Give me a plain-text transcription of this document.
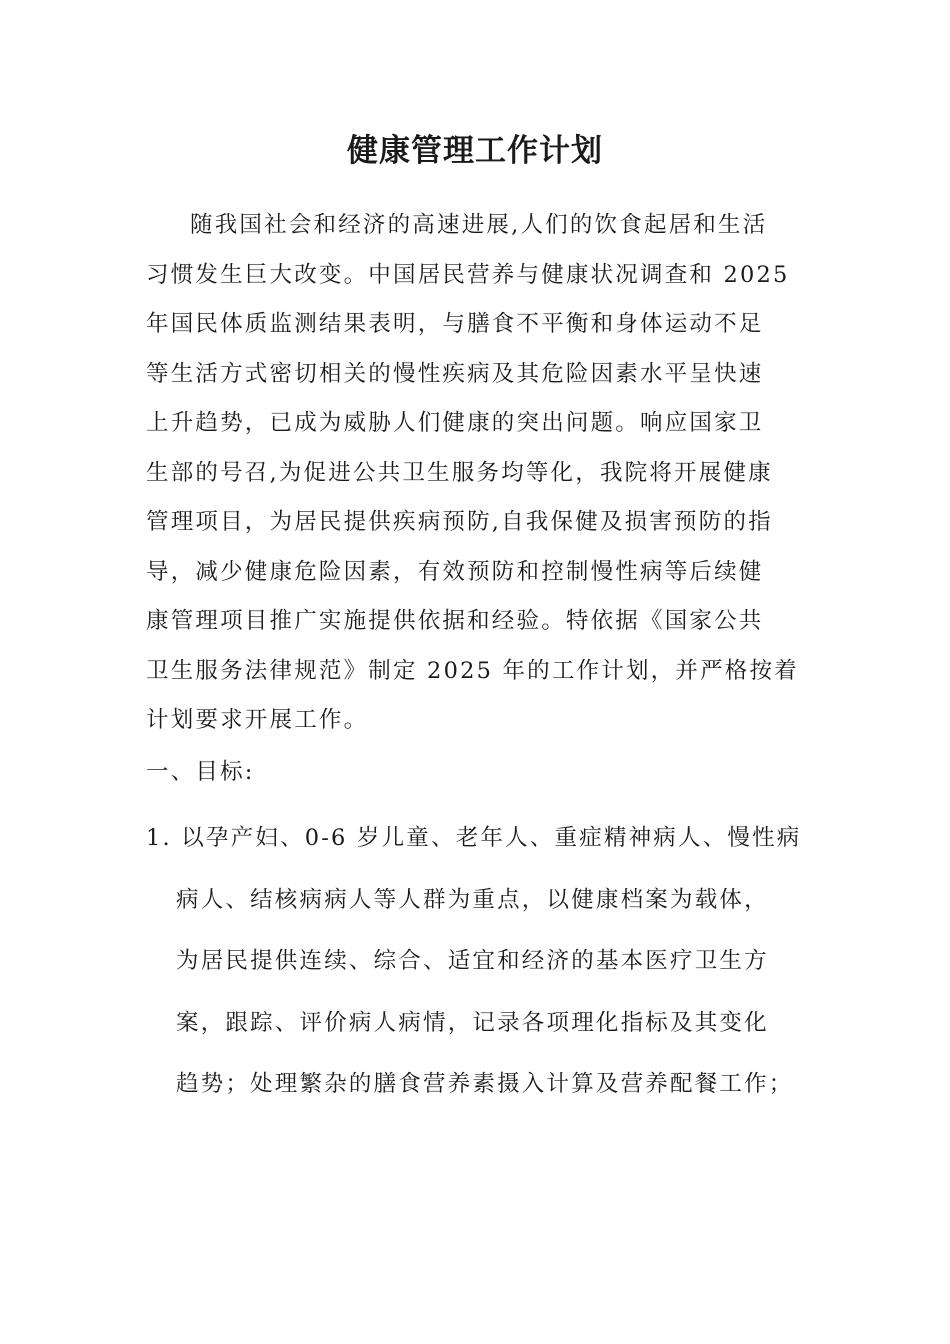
健康管理工作计划
随我国社会和经济的高速进展,人们的饮食起居和生活
习惯发生巨大改变。中国居民营养与健康状况调查和 2025
年国民体质监测结果表明，与膳食不平衡和身体运动不足
等生活方式密切相关的慢性疾病及其危险因素水平呈快速
上升趋势，已成为威胁人们健康的突出问题。响应国家卫
生部的号召,为促进公共卫生服务均等化，我院将开展健康
管理项目，为居民提供疾病预防,自我保健及损害预防的指
导，减少健康危险因素，有效预防和控制慢性病等后续健
康管理项目推广实施提供依据和经验。特依据《国家公共
卫生服务法律规范》制定 2025 年的工作计划，并严格按着
计划要求开展工作。
一、目标:
1. 以孕产妇、0-6 岁儿童、老年人、重症精神病人、慢性病
病人、结核病病人等人群为重点，以健康档案为载体，
为居民提供连续、综合、适宜和经济的基本医疗卫生方
案，跟踪、评价病人病情，记录各项理化指标及其变化
趋势；处理繁杂的膳食营养素摄入计算及营养配餐工作；
